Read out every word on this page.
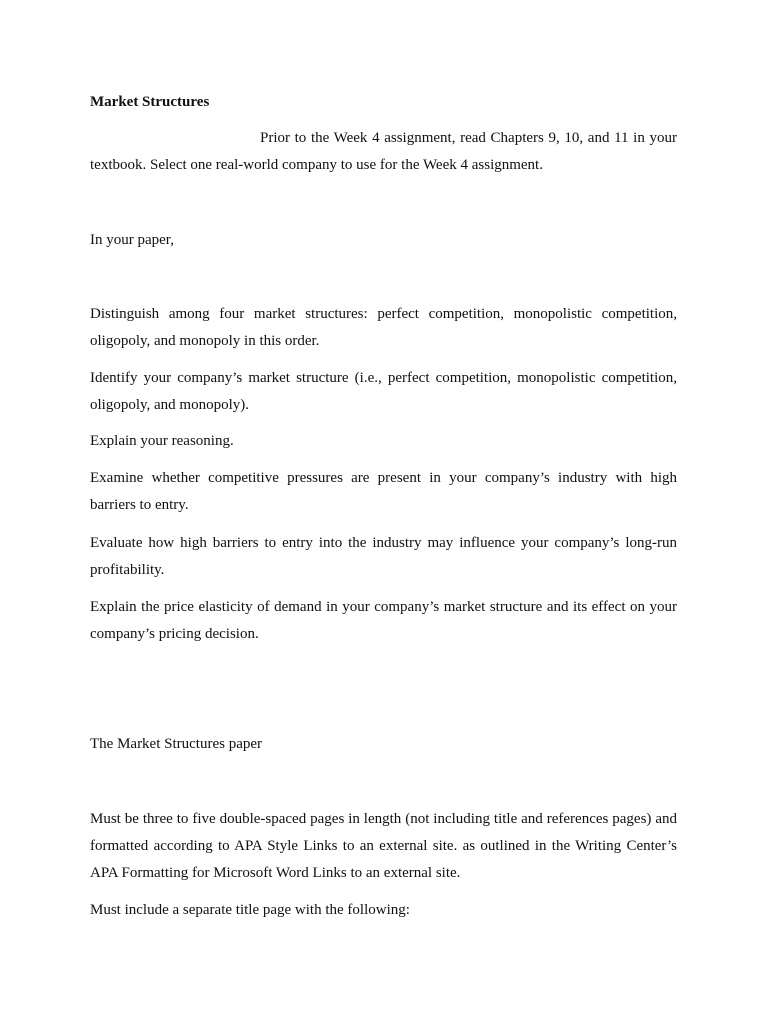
Market Structures

Prior to the Week 4 assignment, read Chapters 9, 10, and 11 in your textbook. Select one real-world company to use for the Week 4 assignment.

In your paper,

Distinguish among four market structures: perfect competition, monopolistic competition, oligopoly, and monopoly in this order.

Identify your company’s market structure (i.e., perfect competition, monopolistic competition, oligopoly, and monopoly).

Explain your reasoning.

Examine whether competitive pressures are present in your company’s industry with high barriers to entry.

Evaluate how high barriers to entry into the industry may influence your company’s long-run profitability.

Explain the price elasticity of demand in your company’s market structure and its effect on your company’s pricing decision.

The Market Structures paper

Must be three to five double-spaced pages in length (not including title and references pages) and formatted according to APA Style Links to an external site. as outlined in the Writing Center’s APA Formatting for Microsoft Word Links to an external site.

Must include a separate title page with the following:
